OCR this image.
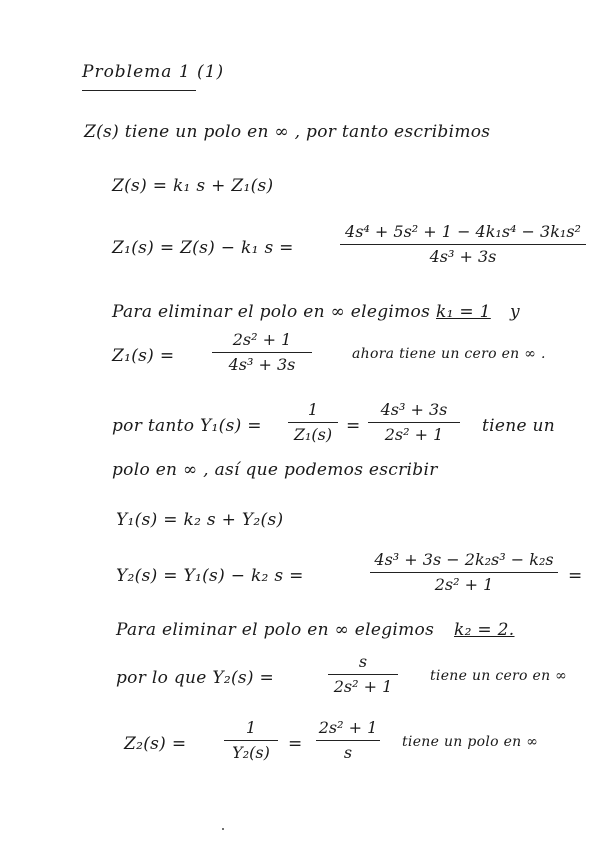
Problema 1 (1)
Z(s) tiene un polo en ∞ , por tanto escribimos
Z(s) = k₁ s + Z₁(s)
Z₁(s) = Z(s) − k₁ s =
4s⁴ + 5s² + 1 − 4k₁s⁴ − 3k₁s²
4s³ + 3s
Para eliminar el polo en ∞ elegimos k₁ = 1 y
Z₁(s) =
2s² + 1
4s³ + 3s
ahora tiene un cero en ∞ .
por tanto Y₁(s) =
1
Z₁(s) =
4s³ + 3s
2s² + 1	tiene un
polo en ∞ , así que podemos escribir
Y₁(s) = k₂ s + Y₂(s)
Y₂(s) = Y₁(s) − k₂ s =
4s³ + 3s − 2k₂s³ − k₂s
2s² + 1	=
Para eliminar el polo en ∞ elegimos k₂ = 2.
por lo que Y₂(s) =
s
2s² + 1
tiene un cero en ∞
Z₂(s) =
1
Y₂(s)	=
2s² + 1
s
tiene un polo en ∞
